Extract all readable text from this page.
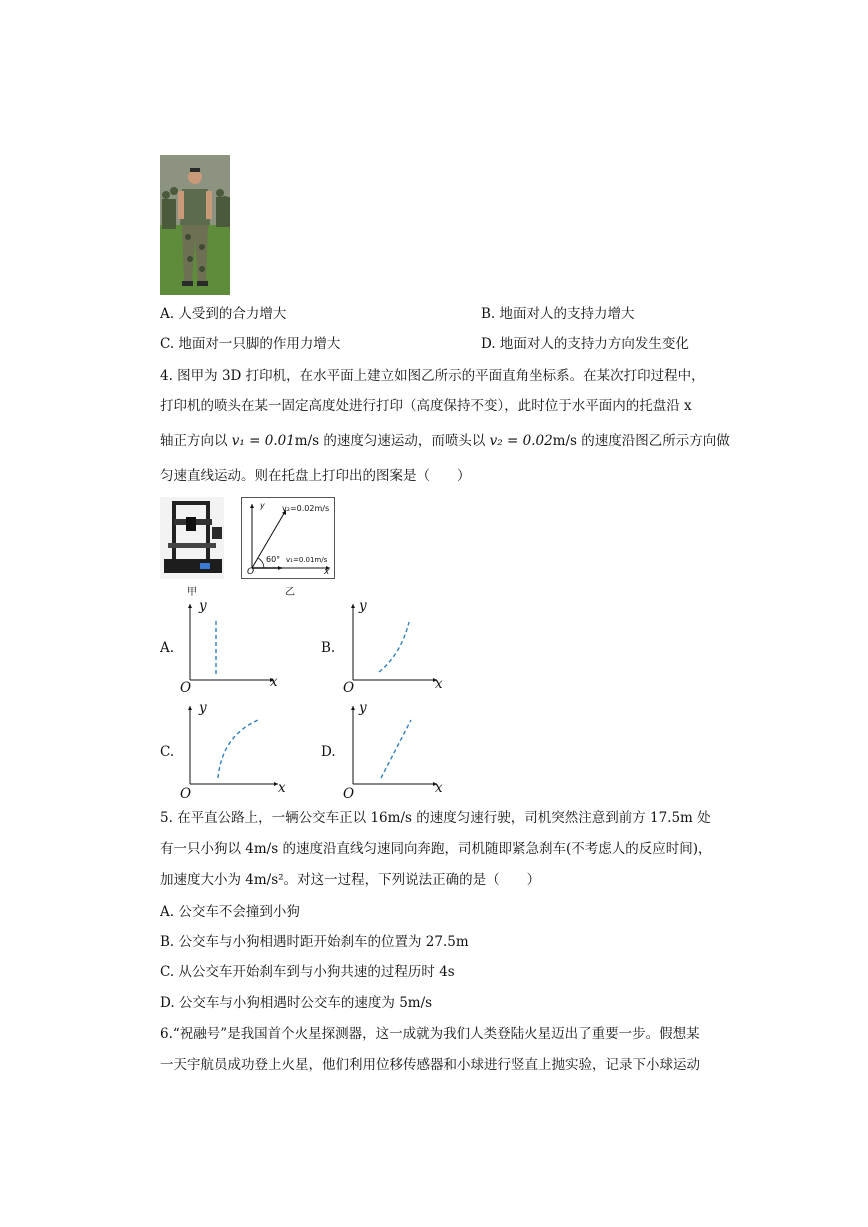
A. 人受到的合力增大	B. 地面对人的支持力增大
C. 地面对一只脚的作用力增大	D. 地面对人的支持力方向发生变化
4. 图甲为 3D 打印机，在水平面上建立如图乙所示的平面直角坐标系。在某次打印过程中，
打印机的喷头在某一固定高度处进行打印（高度保持不变），此时位于水平面内的托盘沿 x
轴正方向以 v₁ = 0.01m/s 的速度匀速运动，而喷头以 v₂ = 0.02m/s 的速度沿图乙所示方向做
匀速直线运动。则在托盘上打印出的图案是（　　）
甲
y v₂=0.02m/s
60° v₁=0.01m/s
O	x
乙
A.
y
O	x
B.
y
O	x
C.
y
O	x
D.
y
O	x
5. 在平直公路上，一辆公交车正以 16m/s 的速度匀速行驶，司机突然注意到前方 17.5m 处
有一只小狗以 4m/s 的速度沿直线匀速同向奔跑，司机随即紧急刹车(不考虑人的反应时间)，
加速度大小为 4m/s²。对这一过程，下列说法正确的是（　　）
A. 公交车不会撞到小狗
B. 公交车与小狗相遇时距开始刹车的位置为 27.5m
C. 从公交车开始刹车到与小狗共速的过程历时 4s
D. 公交车与小狗相遇时公交车的速度为 5m/s
6.“祝融号”是我国首个火星探测器，这一成就为我们人类登陆火星迈出了重要一步。假想某
一天宇航员成功登上火星，他们利用位移传感器和小球进行竖直上抛实验，记录下小球运动
